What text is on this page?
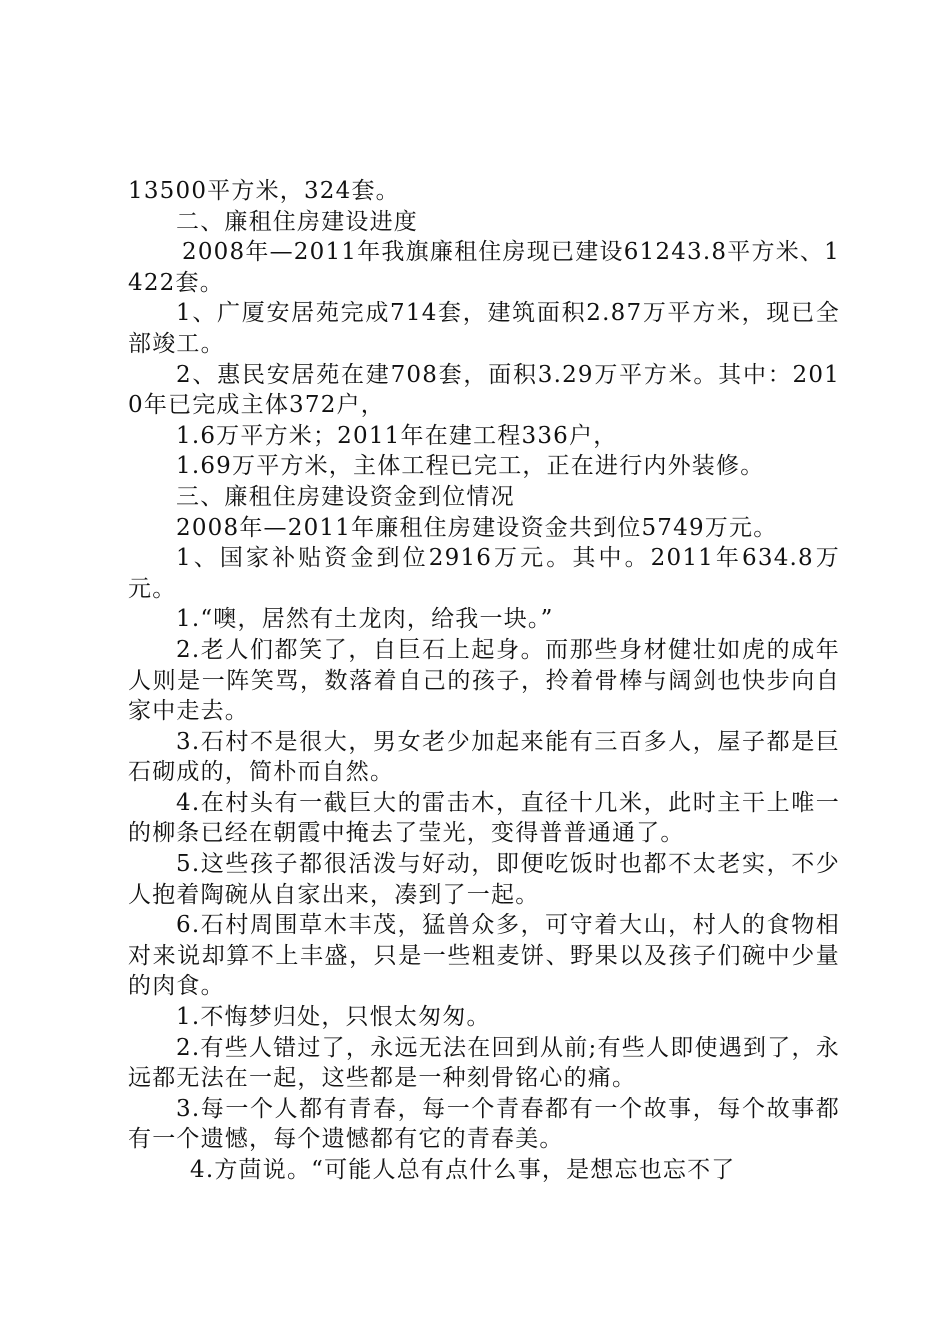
13500平方米，324套。

二、廉租住房建设进度

2008年—2011年我旗廉租住房现已建设61243.8平方米、1422套。

1、广厦安居苑完成714套，建筑面积2.87万平方米，现已全部竣工。

2、惠民安居苑在建708套，面积3.29万平方米。其中：2010年已完成主体372户，

1.6万平方米；2011年在建工程336户，

1.69万平方米，主体工程已完工，正在进行内外装修。

三、廉租住房建设资金到位情况

2008年—2011年廉租住房建设资金共到位5749万元。

1、国家补贴资金到位2916万元。其中。2011年634.8万元。

1.“噢，居然有土龙肉，给我一块。”

2.老人们都笑了，自巨石上起身。而那些身材健壮如虎的成年人则是一阵笑骂，数落着自己的孩子，拎着骨棒与阔剑也快步向自家中走去。

3.石村不是很大，男女老少加起来能有三百多人，屋子都是巨石砌成的，简朴而自然。

4.在村头有一截巨大的雷击木，直径十几米，此时主干上唯一的柳条已经在朝霞中掩去了莹光，变得普普通通了。

5.这些孩子都很活泼与好动，即便吃饭时也都不太老实，不少人抱着陶碗从自家出来，凑到了一起。

6.石村周围草木丰茂，猛兽众多，可守着大山，村人的食物相对来说却算不上丰盛，只是一些粗麦饼、野果以及孩子们碗中少量的肉食。

1.不悔梦归处，只恨太匆匆。

2.有些人错过了，永远无法在回到从前;有些人即使遇到了，永远都无法在一起，这些都是一种刻骨铭心的痛。

3.每一个人都有青春，每一个青春都有一个故事，每个故事都有一个遗憾，每个遗憾都有它的青春美。

4.方茴说。“可能人总有点什么事，是想忘也忘不了
